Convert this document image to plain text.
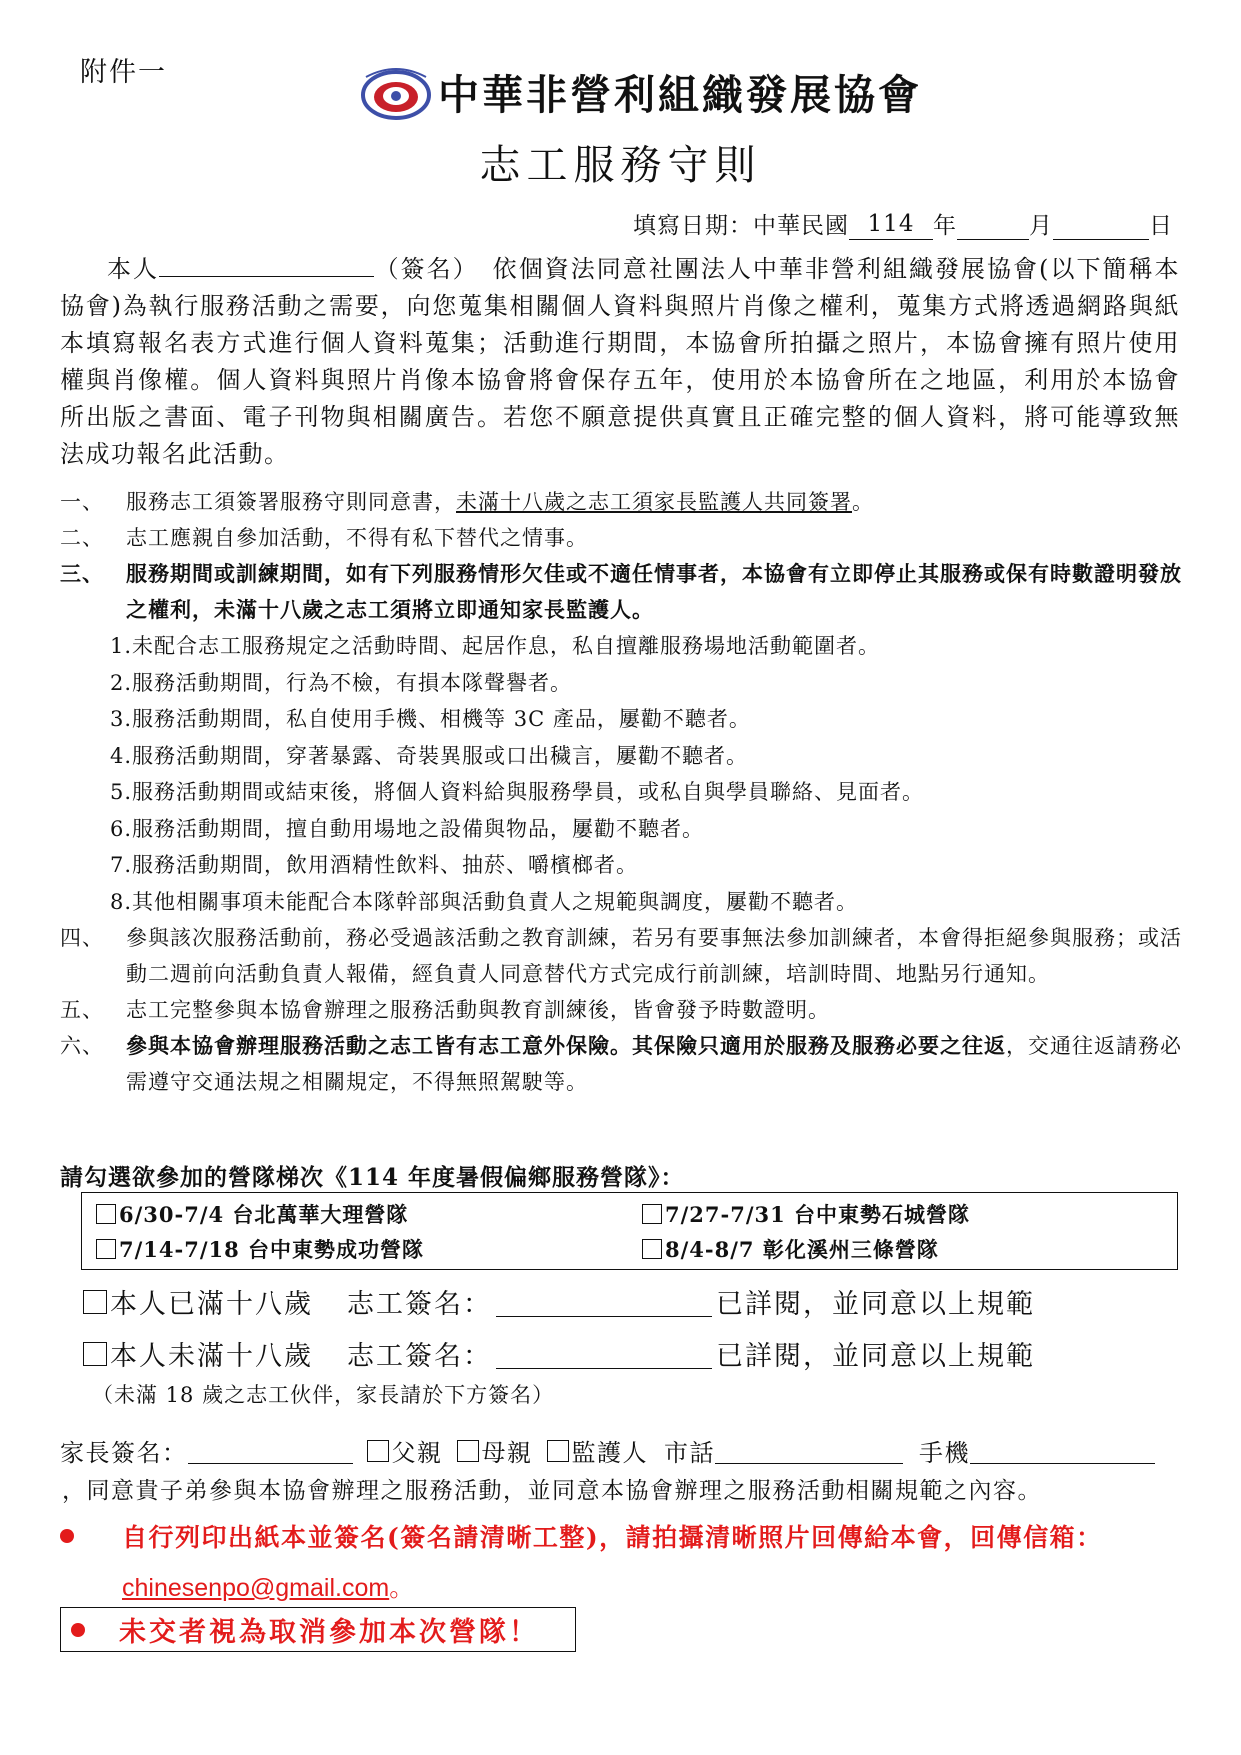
附件一	中華非營利組織發展協會
志工服務守則
填寫日期：中華民國 114 年	月	日
本人	（簽名）　 依個資法同意社團法人中華非營利組織發展協會(以下簡稱本協會)為執行服務活動之需要，向您蒐集相關個人資料與照片肖像之權利，蒐集方式將透過網路與紙本填寫報名表方式進行個人資料蒐集；活動進行期間，本協會所拍攝之照片，本協會擁有照片使用權與肖像權。個人資料與照片肖像本協會將會保存五年，使用於本協會所在之地區，利用於本協會所出版之書面、電子刊物與相關廣告。若您不願意提供真實且正確完整的個人資料，將可能導致無法成功報名此活動。
一、	服務志工須簽署服務守則同意書，未滿十八歲之志工須家長監護人共同簽署。
二、	志工應親自參加活動，不得有私下替代之情事。
三、	服務期間或訓練期間，如有下列服務情形欠佳或不適任情事者，本協會有立即停止其服務或保有時數證明發放之權利，未滿十八歲之志工須將立即通知家長監護人。
1.未配合志工服務規定之活動時間、起居作息，私自擅離服務場地活動範圍者。
2.服務活動期間，行為不檢，有損本隊聲譽者。
3.服務活動期間，私自使用手機、相機等 3C 產品，屢勸不聽者。
4.服務活動期間，穿著暴露、奇裝異服或口出穢言，屢勸不聽者。
5.服務活動期間或結束後，將個人資料給與服務學員，或私自與學員聯絡、見面者。
6.服務活動期間，擅自動用場地之設備與物品，屢勸不聽者。
7.服務活動期間，飲用酒精性飲料、抽菸、嚼檳榔者。
8.其他相關事項未能配合本隊幹部與活動負責人之規範與調度，屢勸不聽者。
四、	參與該次服務活動前，務必受過該活動之教育訓練，若另有要事無法參加訓練者，本會得拒絕參與服務；或活動二週前向活動負責人報備，經負責人同意替代方式完成行前訓練，培訓時間、地點另行通知。
五、	志工完整參與本協會辦理之服務活動與教育訓練後，皆會發予時數證明。
六、	參與本協會辦理服務活動之志工皆有志工意外保險。其保險只適用於服務及服務必要之往返，交通往返請務必需遵守交通法規之相關規定，不得無照駕駛等。
請勾選欲參加的營隊梯次《114 年度暑假偏鄉服務營隊》：
6/30-7/4 台北萬華大理營隊	7/27-7/31 台中東勢石城營隊
7/14-7/18 台中東勢成功營隊	8/4-8/7 彰化溪州三條營隊
本人已滿十八歲 志工簽名：	已詳閱，並同意以上規範
本人未滿十八歲 志工簽名：	已詳閱，並同意以上規範
（未滿 18 歲之志工伙伴，家長請於下方簽名）
家長簽名：	父親 母親 監護人 市話	手機
，同意貴子弟參與本協會辦理之服務活動，並同意本協會辦理之服務活動相關規範之內容。
自行列印出紙本並簽名(簽名請清晰工整)，請拍攝清晰照片回傳給本會，回傳信箱：
chinesenpo@gmail.com。
未交者視為取消參加本次營隊！
